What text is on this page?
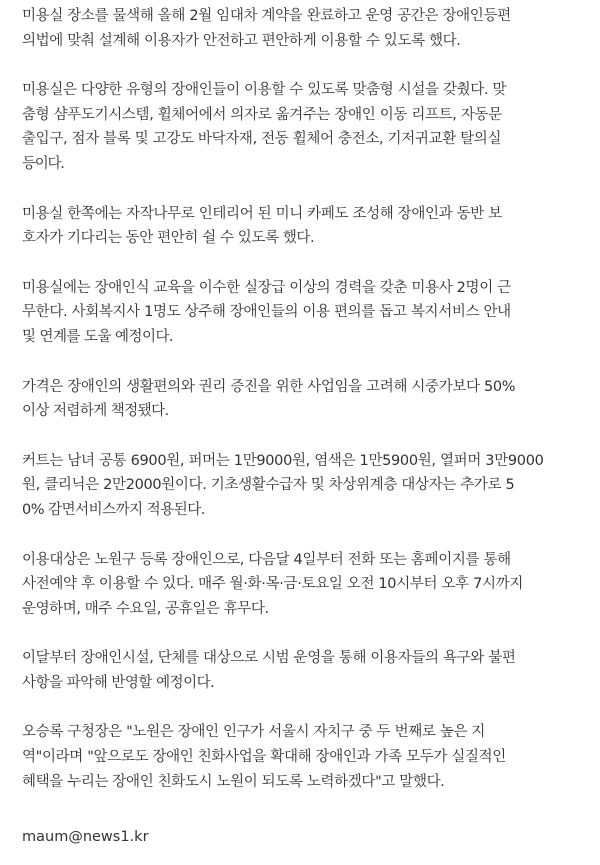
미용실 장소를 물색해 올해 2월 임대차 계약을 완료하고 운영 공간은 장애인등편
의법에 맞춰 설계해 이용자가 안전하고 편안하게 이용할 수 있도록 했다.

미용실은 다양한 유형의 장애인들이 이용할 수 있도록 맞춤형 시설을 갖췄다. 맞
춤형 샴푸도기시스템, 휠체어에서 의자로 옮겨주는 장애인 이동 리프트, 자동문
출입구, 점자 블록 및 고강도 바닥자재, 전동 휠체어 충전소, 기저귀교환 탈의실
등이다.

미용실 한쪽에는 자작나무로 인테리어 된 미니 카페도 조성해 장애인과 동반 보
호자가 기다리는 동안 편안히 쉴 수 있도록 했다.

미용실에는 장애인식 교육을 이수한 실장급 이상의 경력을 갖춘 미용사 2명이 근
무한다. 사회복지사 1명도 상주해 장애인들의 이용 편의를 돕고 복지서비스 안내
및 연계를 도울 예정이다.

가격은 장애인의 생활편의와 권리 증진을 위한 사업임을 고려해 시중가보다 50%
이상 저렴하게 책정됐다.

커트는 남녀 공통 6900원, 퍼머는 1만9000원, 염색은 1만5900원, 열퍼머 3만9000
원, 클리닉은 2만2000원이다. 기초생활수급자 및 차상위계층 대상자는 추가로 5
0% 감면서비스까지 적용된다.

이용대상은 노원구 등록 장애인으로, 다음달 4일부터 전화 또는 홈페이지를 통해
사전예약 후 이용할 수 있다. 매주 월·화·목·금·토요일 오전 10시부터 오후 7시까지
운영하며, 매주 수요일, 공휴일은 휴무다.

이달부터 장애인시설, 단체를 대상으로 시범 운영을 통해 이용자들의 욕구와 불편
사항을 파악해 반영할 예정이다.

오승록 구청장은 "노원은 장애인 인구가 서울시 자치구 중 두 번째로 높은 지
역"이라며 "앞으로도 장애인 친화사업을 확대해 장애인과 가족 모두가 실질적인
혜택을 누리는 장애인 친화도시 노원이 되도록 노력하겠다"고 말했다.

maum@news1.kr
